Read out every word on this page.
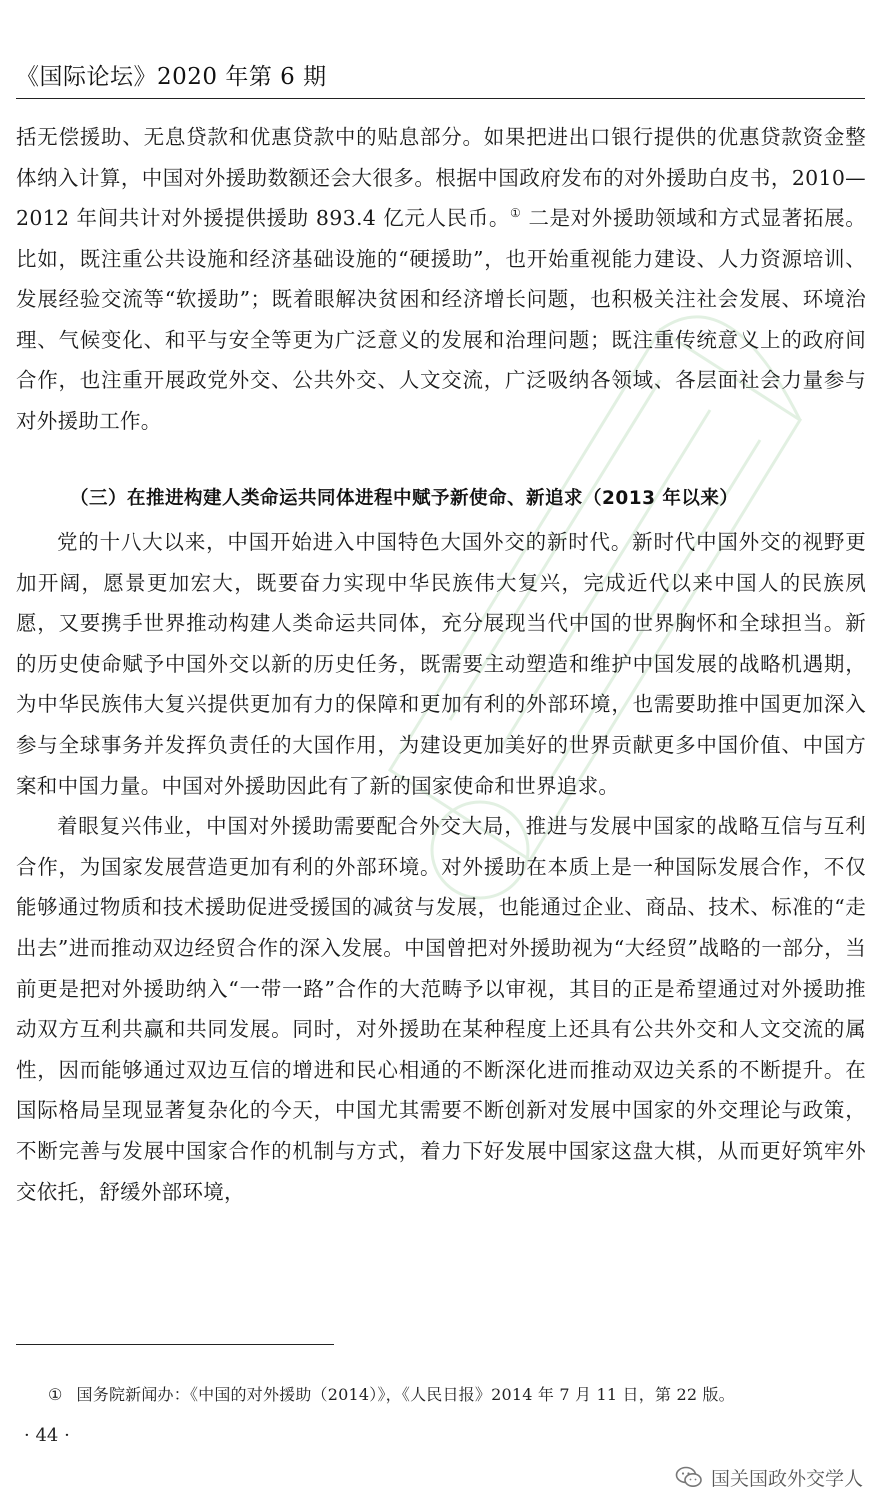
《国际论坛》2020 年第 6 期

括无偿援助、无息贷款和优惠贷款中的贴息部分。如果把进出口银行提供的优惠贷款资金整体纳入计算，中国对外援助数额还会大很多。根据中国政府发布的对外援助白皮书，2010—2012 年间共计对外援提供援助 893.4 亿元人民币。① 二是对外援助领域和方式显著拓展。比如，既注重公共设施和经济基础设施的“硬援助”，也开始重视能力建设、人力资源培训、发展经验交流等“软援助”；既着眼解决贫困和经济增长问题，也积极关注社会发展、环境治理、气候变化、和平与安全等更为广泛意义的发展和治理问题；既注重传统意义上的政府间合作，也注重开展政党外交、公共外交、人文交流，广泛吸纳各领域、各层面社会力量参与对外援助工作。

（三）在推进构建人类命运共同体进程中赋予新使命、新追求（2013 年以来）

党的十八大以来，中国开始进入中国特色大国外交的新时代。新时代中国外交的视野更加开阔，愿景更加宏大，既要奋力实现中华民族伟大复兴，完成近代以来中国人的民族夙愿，又要携手世界推动构建人类命运共同体，充分展现当代中国的世界胸怀和全球担当。新的历史使命赋予中国外交以新的历史任务，既需要主动塑造和维护中国发展的战略机遇期，为中华民族伟大复兴提供更加有力的保障和更加有利的外部环境，也需要助推中国更加深入参与全球事务并发挥负责任的大国作用，为建设更加美好的世界贡献更多中国价值、中国方案和中国力量。中国对外援助因此有了新的国家使命和世界追求。

着眼复兴伟业，中国对外援助需要配合外交大局，推进与发展中国家的战略互信与互利合作，为国家发展营造更加有利的外部环境。对外援助在本质上是一种国际发展合作，不仅能够通过物质和技术援助促进受援国的减贫与发展，也能通过企业、商品、技术、标准的“走出去”进而推动双边经贸合作的深入发展。中国曾把对外援助视为“大经贸”战略的一部分，当前更是把对外援助纳入“一带一路”合作的大范畴予以审视，其目的正是希望通过对外援助推动双方互利共赢和共同发展。同时，对外援助在某种程度上还具有公共外交和人文交流的属性，因而能够通过双边互信的增进和民心相通的不断深化进而推动双边关系的不断提升。在国际格局呈现显著复杂化的今天，中国尤其需要不断创新对发展中国家的外交理论与政策，不断完善与发展中国家合作的机制与方式，着力下好发展中国家这盘大棋，从而更好筑牢外交依托，舒缓外部环境，

① 国务院新闻办：《中国的对外援助（2014）》，《人民日报》2014 年 7 月 11 日，第 22 版。
· 44 ·
国关国政外交学人
